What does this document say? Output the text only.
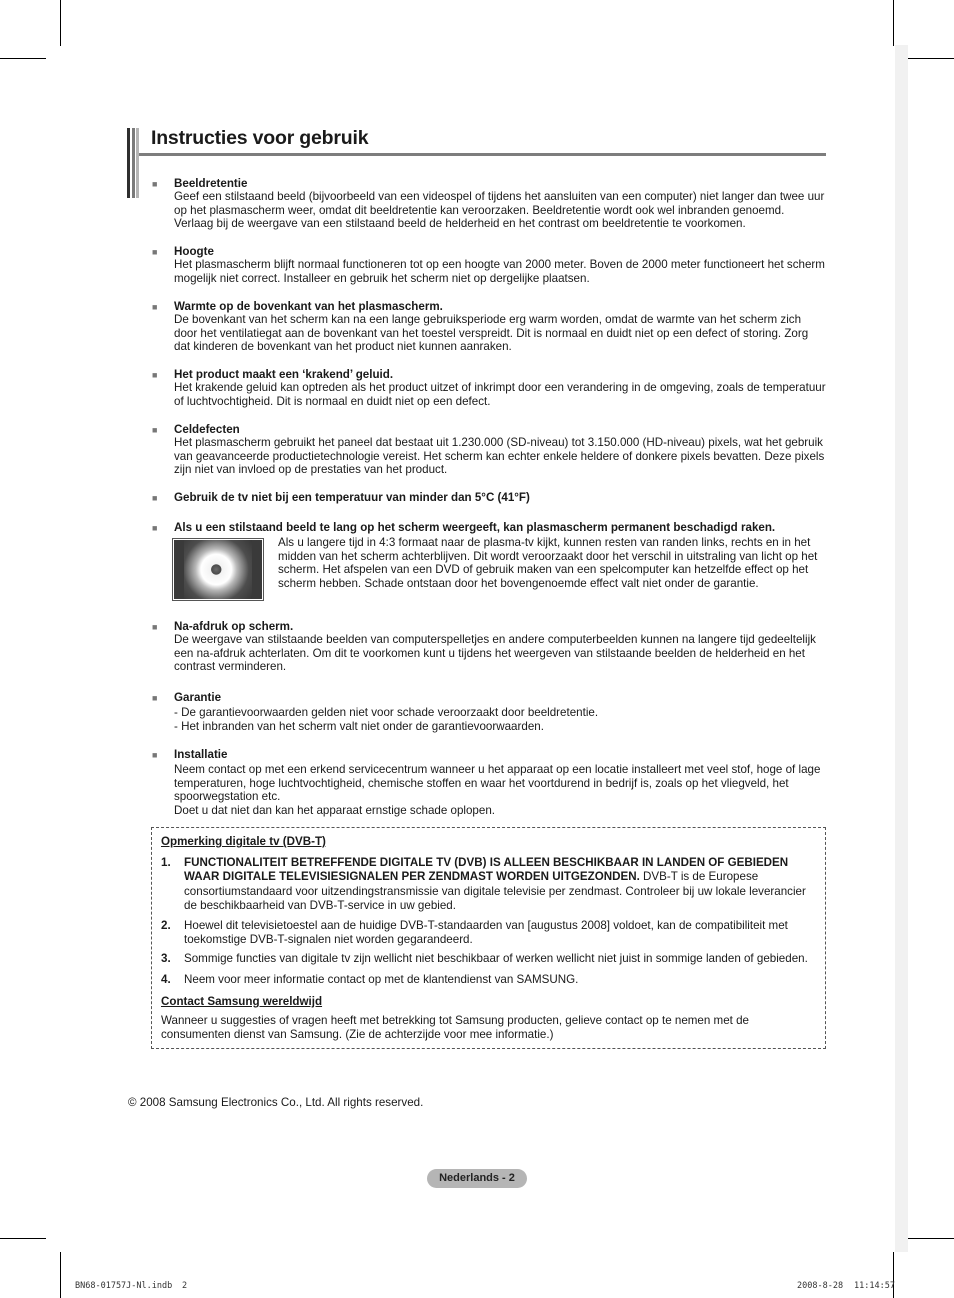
Instructies voor gebruik
■ Beeldretentie

Geef een stilstaand beeld (bijvoorbeeld van een videospel of tijdens het aansluiten van een computer) niet langer dan twee uur op het plasmascherm weer, omdat dit beeldretentie kan veroorzaken. Beeldretentie wordt ook wel inbranden genoemd. Verlaag bij de weergave van een stilstaand beeld de helderheid en het contrast om beeldretentie te voorkomen.

■ Hoogte

Het plasmascherm blijft normaal functioneren tot op een hoogte van 2000 meter. Boven de 2000 meter functioneert het scherm mogelijk niet correct. Installeer en gebruik het scherm niet op dergelijke plaatsen.

■ Warmte op de bovenkant van het plasmascherm.

De bovenkant van het scherm kan na een lange gebruiksperiode erg warm worden, omdat de warmte van het scherm zich door het ventilatiegat aan de bovenkant van het toestel verspreidt. Dit is normaal en duidt niet op een defect of storing. Zorg dat kinderen de bovenkant van het product niet kunnen aanraken.

■ Het product maakt een ‘krakend’ geluid.

Het krakende geluid kan optreden als het product uitzet of inkrimpt door een verandering in de omgeving, zoals de temperatuur of luchtvochtigheid. Dit is normaal en duidt niet op een defect.

■ Celdefecten

Het plasmascherm gebruikt het paneel dat bestaat uit 1.230.000 (SD-niveau) tot 3.150.000 (HD-niveau) pixels, wat het gebruik van geavanceerde productietechnologie vereist. Het scherm kan echter enkele heldere of donkere pixels bevatten. Deze pixels zijn niet van invloed op de prestaties van het product.

■ Gebruik de tv niet bij een temperatuur van minder dan 5°C (41°F)
■ Als u een stilstaand beeld te lang op het scherm weergeeft, kan plasmascherm permanent beschadigd raken.

Als u langere tijd in 4:3 formaat naar de plasma-tv kijkt, kunnen resten van randen links, rechts en in het midden van het scherm achterblijven. Dit wordt veroorzaakt door het verschil in uitstraling van licht op het scherm. Het afspelen van een DVD of gebruik maken van een spelcomputer kan hetzelfde effect op het scherm hebben. Schade ontstaan door het bovengenoemde effect valt niet onder de garantie.

■ Na-afdruk op scherm.

De weergave van stilstaande beelden van computerspelletjes en andere computerbeelden kunnen na langere tijd gedeeltelijk een na-afdruk achterlaten. Om dit te voorkomen kunt u tijdens het weergeven van stilstaande beelden de helderheid en het contrast verminderen.

■ Garantie

- De garantievoorwaarden gelden niet voor schade veroorzaakt door beeldretentie.

- Het inbranden van het scherm valt niet onder de garantievoorwaarden.

■ Installatie

Neem contact op met een erkend servicecentrum wanneer u het apparaat op een locatie installeert met veel stof, hoge of lage temperaturen, hoge luchtvochtigheid, chemische stoffen en waar het voortdurend in bedrijf is, zoals op het vliegveld, het spoorwegstation etc.

Doet u dat niet dan kan het apparaat ernstige schade oplopen.

Opmerking digitale tv (DVB-T)
1. FUNCTIONALITEIT BETREFFENDE DIGITALE TV (DVB) IS ALLEEN BESCHIKBAAR IN LANDEN OF GEBIEDEN WAAR DIGITALE TELEVISIESIGNALEN PER ZENDMAST WORDEN UITGEZONDEN. DVB-T is de Europese consortiumstandaard voor uitzendingstransmissie van digitale televisie per zendmast. Controleer bij uw lokale leverancier de beschikbaarheid van DVB-T-service in uw gebied.
2. Hoewel dit televisietoestel aan de huidige DVB-T-standaarden van [augustus 2008] voldoet, kan de compatibiliteit met toekomstige DVB-T-signalen niet worden gegarandeerd.
3. Sommige functies van digitale tv zijn wellicht niet beschikbaar of werken wellicht niet juist in sommige landen of gebieden.
4. Neem voor meer informatie contact op met de klantendienst van SAMSUNG.
Contact Samsung wereldwijd
Wanneer u suggesties of vragen heeft met betrekking tot Samsung producten, gelieve contact op te nemen met de consumenten dienst van Samsung. (Zie de achterzijde voor mee informatie.)
© 2008 Samsung Electronics Co., Ltd. All rights reserved.
Nederlands - 2
BN68-01757J-Nl.indb 2	2008-8-28 11:14:57
